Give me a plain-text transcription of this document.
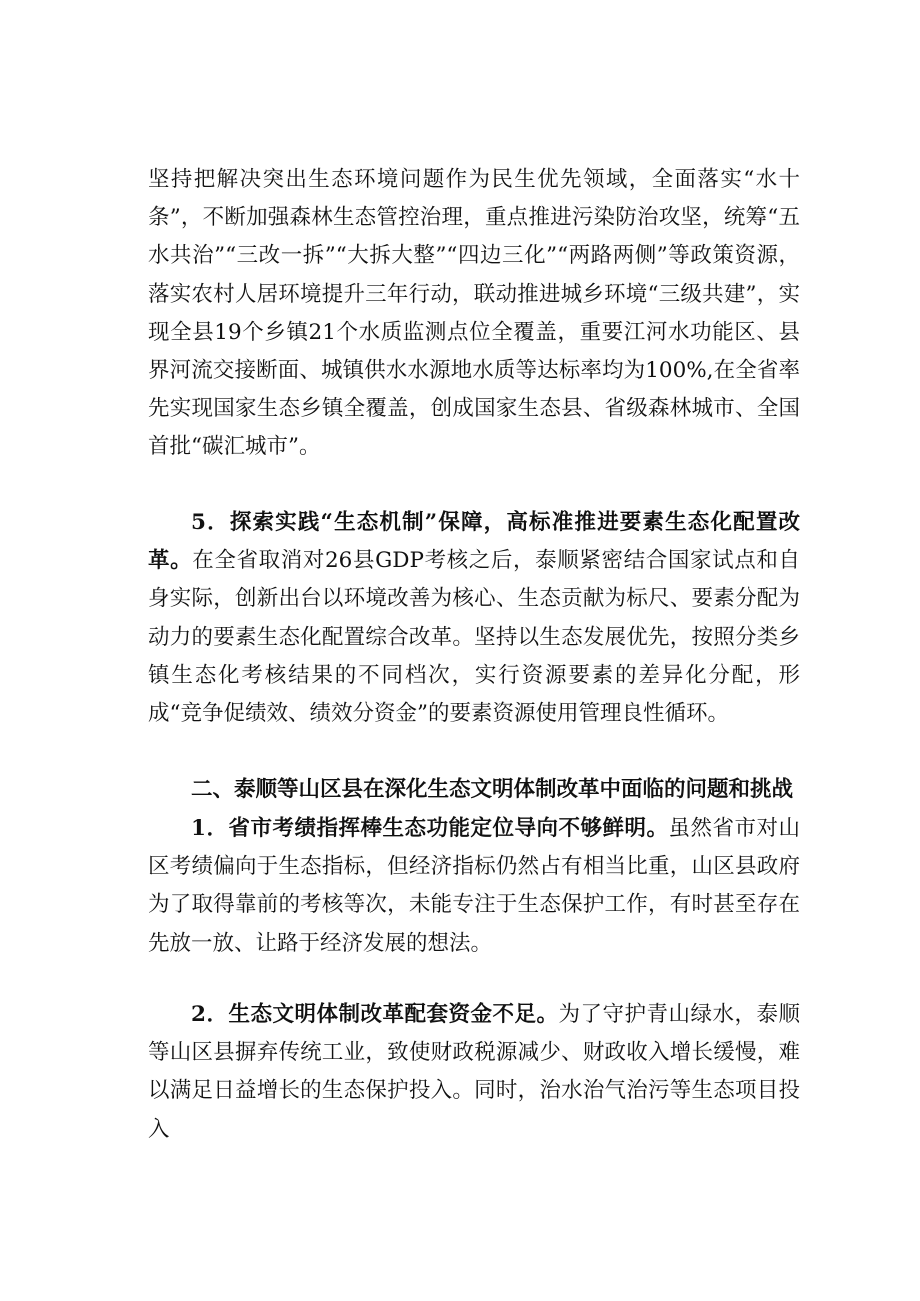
坚持把解决突出生态环境问题作为民生优先领域，全面落实“水十条”，不断加强森林生态管控治理，重点推进污染防治攻坚，统筹“五水共治”“三改一拆”“大拆大整”“四边三化”“两路两侧”等政策资源，落实农村人居环境提升三年行动，联动推进城乡环境“三级共建”，实现全县19个乡镇21个水质监测点位全覆盖，重要江河水功能区、县界河流交接断面、城镇供水水源地水质等达标率均为100%,在全省率先实现国家生态乡镇全覆盖，创成国家生态县、省级森林城市、全国首批“碳汇城市”。
5．探索实践“生态机制”保障，高标准推进要素生态化配置改革。在全省取消对26县GDP考核之后，泰顺紧密结合国家试点和自身实际，创新出台以环境改善为核心、生态贡献为标尺、要素分配为动力的要素生态化配置综合改革。坚持以生态发展优先，按照分类乡镇生态化考核结果的不同档次，实行资源要素的差异化分配，形成“竞争促绩效、绩效分资金”的要素资源使用管理良性循环。
二、泰顺等山区县在深化生态文明体制改革中面临的问题和挑战
1．省市考绩指挥棒生态功能定位导向不够鲜明。虽然省市对山区考绩偏向于生态指标，但经济指标仍然占有相当比重，山区县政府为了取得靠前的考核等次，未能专注于生态保护工作，有时甚至存在先放一放、让路于经济发展的想法。
2．生态文明体制改革配套资金不足。为了守护青山绿水，泰顺等山区县摒弃传统工业，致使财政税源减少、财政收入增长缓慢，难以满足日益增长的生态保护投入。同时，治水治气治污等生态项目投入
